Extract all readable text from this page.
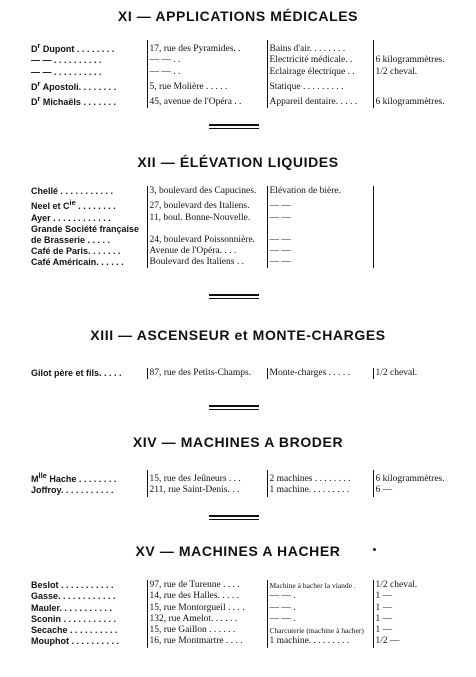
XI — APPLICATIONS MÉDICALES
$D^r$ Dupont . . . . . . . .	17, rue des Pyramides. .	Bains d'air. . . . . . . .	
— — . . . . . . . . . .	— — . .	Électricité médicale. .	6 kilogrammètres.
— — . . . . . . . . . .	— — . .	Éclairage électrique . .	1/2 cheval.
$D^r$ Apostoli. . . . . . . .	5, rue Molière . . . . .	Statique . . . . . . . . .	
$D^r$ Michaëls . . . . . . .	45, avenue de l'Opéra . .	Appareil dentaire. . . . .	6 kilogrammètres.
XII — ÉLÉVATION LIQUIDES
Chellé . . . . . . . . . . .	3, boulevard des Capucines.	Élévation de bière.	
Neel et $C^{ie}$ . . . . . . . .	27, boulevard des Italiens.	— —	
Ayer . . . . . . . . . . . .	11, boul. Bonne-Nouvelle.	— —	
Grande Société française de Brasserie . . . . .	24, boulevard Poissonnière.	— —	
Café de Paris. . . . . . .	Avenue de l'Opéra. . . .	— —	
Café Américain. . . . . .	Boulevard des Italiens . .	— —	
XIII — ASCENSEUR et MONTE-CHARGES
Gilot père et fils. . . . .	87, rue des Petits-Champs.	Monte-charges . . . . .	1/2 cheval.
XIV — MACHINES A BRODER
$M^{lle}$ Hache . . . . . . . .	15, rue des Jeûneurs . . .	2 machines . . . . . . . .	6 kilogrammètres.
Joffroy. . . . . . . . . . .	211, rue Saint-Denis. . .	1 machine. . . . . . . . .	6 —
XV — MACHINES A HACHER
Beslot . . . . . . . . . . .	97, rue de Turenne . . . .	Machine à hacher la viande .	1/2 cheval.
Gasse. . . . . . . . . . . .	14, rue des Halles. . . . .	— — .	1 —
Mauler. . . . . . . . . . .	15, rue Montorgueil . . . .	— — .	1 —
Sconin . . . . . . . . . . .	132, rue Amelot. . . . . .	— — .	1 —
Secache . . . . . . . . . .	15, rue Gaillon . . . . . .	Charcuterie (machine à hacher)	1 —
Mouphot . . . . . . . . . .	16, rue Montmartre . . . .	1 machine. . . . . . . . .	1/2 —
